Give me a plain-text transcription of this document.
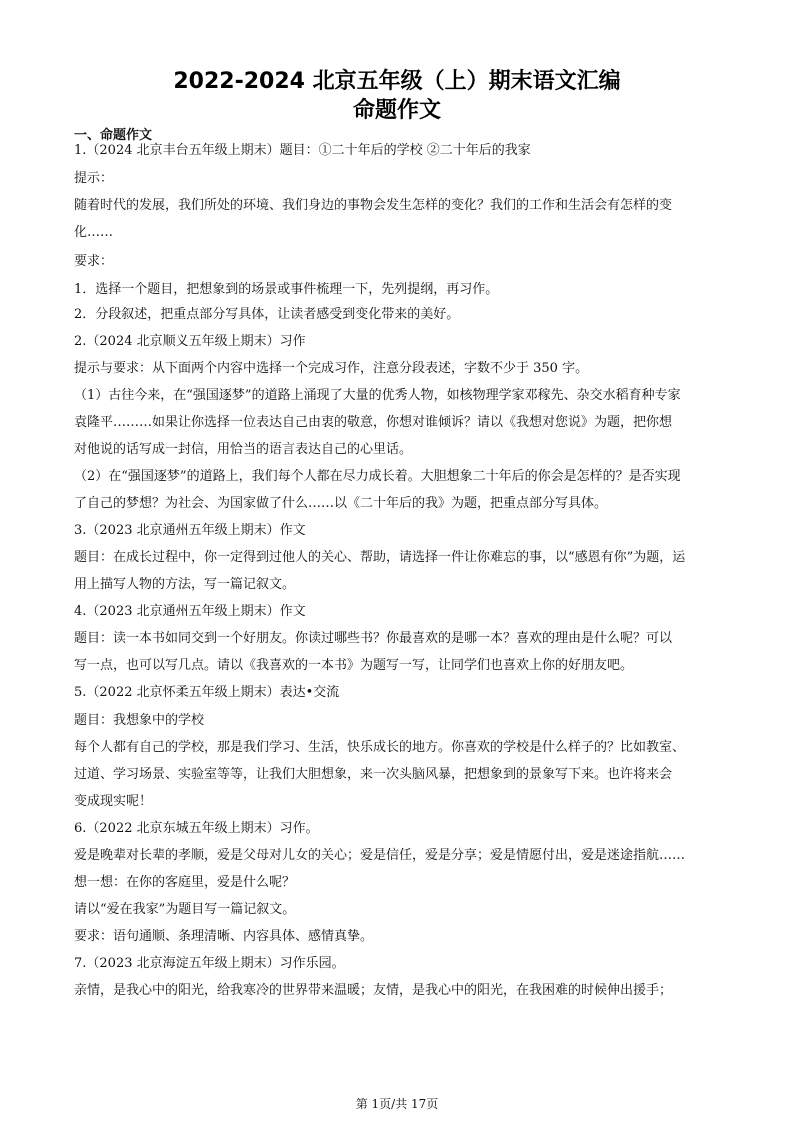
2022-2024 北京五年级（上）期末语文汇编
命题作文
一、命题作文
1.（2024 北京丰台五年级上期末）题目：①二十年后的学校 ②二十年后的我家
提示：
随着时代的发展，我们所处的环境、我们身边的事物会发生怎样的变化？我们的工作和生活会有怎样的变
化……
要求：
1．选择一个题目，把想象到的场景或事件梳理一下，先列提纲，再习作。
2．分段叙述，把重点部分写具体，让读者感受到变化带来的美好。
2.（2024 北京顺义五年级上期末）习作
提示与要求：从下面两个内容中选择一个完成习作，注意分段表述，字数不少于 350 字。
（1）古往今来，在“强国逐梦”的道路上涌现了大量的优秀人物，如核物理学家邓稼先、杂交水稻育种专家
袁隆平………如果让你选择一位表达自己由衷的敬意，你想对谁倾诉？请以《我想对您说》为题，把你想
对他说的话写成一封信，用恰当的语言表达自己的心里话。
（2）在“强国逐梦”的道路上，我们每个人都在尽力成长着。大胆想象二十年后的你会是怎样的？是否实现
了自己的梦想？为社会、为国家做了什么……以《二十年后的我》为题，把重点部分写具体。
3.（2023 北京通州五年级上期末）作文
题目：在成长过程中，你一定得到过他人的关心、帮助，请选择一件让你难忘的事，以“感恩有你”为题，运
用上描写人物的方法，写一篇记叙文。
4.（2023 北京通州五年级上期末）作文
题目：读一本书如同交到一个好朋友。你读过哪些书？你最喜欢的是哪一本？喜欢的理由是什么呢？可以
写一点，也可以写几点。请以《我喜欢的一本书》为题写一写，让同学们也喜欢上你的好朋友吧。
5.（2022 北京怀柔五年级上期末）表达•交流
题目：我想象中的学校
每个人都有自己的学校，那是我们学习、生活，快乐成长的地方。你喜欢的学校是什么样子的？比如教室、
过道、学习场景、实验室等等，让我们大胆想象，来一次头脑风暴，把想象到的景象写下来。也许将来会
变成现实呢！
6.（2022 北京东城五年级上期末）习作。
爱是晚辈对长辈的孝顺，爱是父母对儿女的关心；爱是信任，爱是分享；爱是情愿付出，爱是迷途指航……
想一想：在你的客庭里，爱是什么呢？
请以“爱在我家”为题目写一篇记叙文。
要求：语句通顺、条理清晰、内容具体、感情真挚。
7.（2023 北京海淀五年级上期末）习作乐园。
亲情，是我心中的阳光，给我寒冷的世界带来温暖；友情，是我心中的阳光，在我困难的时候伸出援手；
第 1页/共 17页
